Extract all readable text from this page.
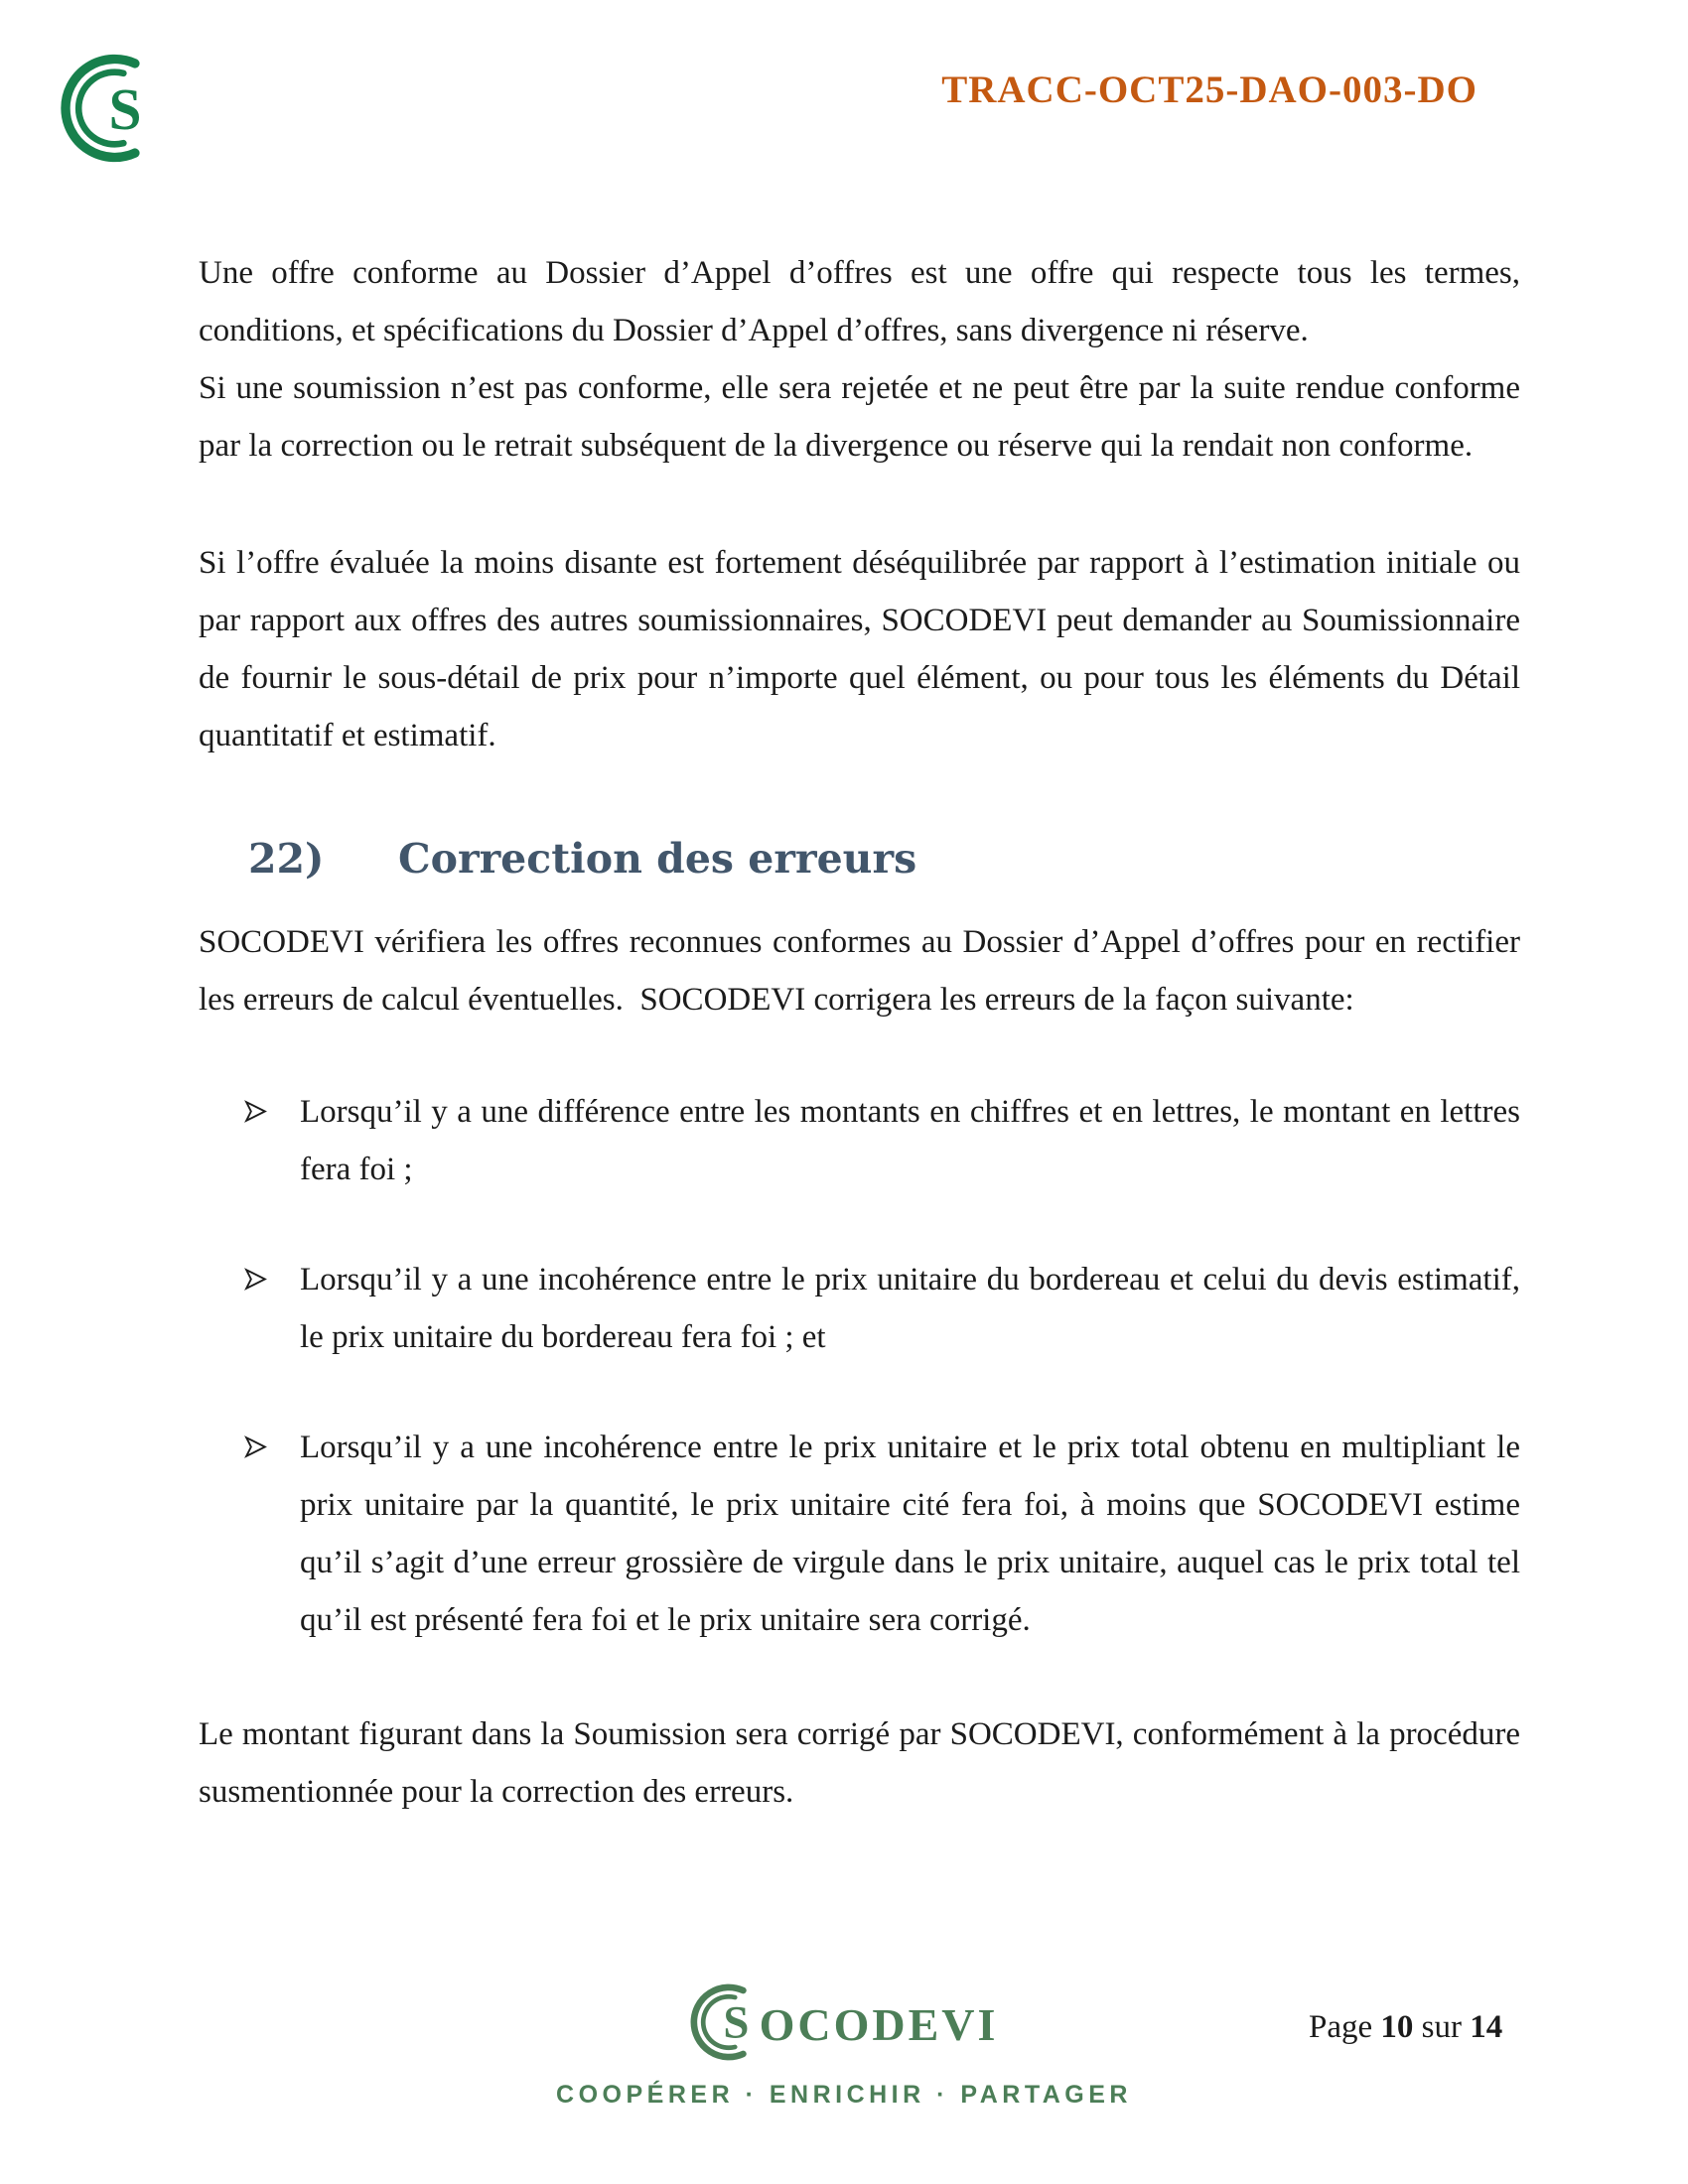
S	TRACC-OCT25-DAO-003-DO
Une offre conforme au Dossier d’Appel d’offres est une offre qui respecte tous les termes,
conditions, et spécifications du Dossier d’Appel d’offres, sans divergence ni réserve.
Si une soumission n’est pas conforme, elle sera rejetée et ne peut être par la suite rendue conforme
par la correction ou le retrait subséquent de la divergence ou réserve qui la rendait non conforme.
Si l’offre évaluée la moins disante est fortement déséquilibrée par rapport à l’estimation initiale ou
par rapport aux offres des autres soumissionnaires, SOCODEVI peut demander au Soumissionnaire
de fournir le sous-détail de prix pour n’importe quel élément, ou pour tous les éléments du Détail
quantitatif et estimatif.
22) Correction des erreurs
SOCODEVI vérifiera les offres reconnues conformes au Dossier d’Appel d’offres pour en rectifier
les erreurs de calcul éventuelles.  SOCODEVI corrigera les erreurs de la façon suivante:
Lorsqu’il y a une différence entre les montants en chiffres et en lettres, le montant en lettres
fera foi ;
Lorsqu’il y a une incohérence entre le prix unitaire du bordereau et celui du devis estimatif,
le prix unitaire du bordereau fera foi ; et
Lorsqu’il y a une incohérence entre le prix unitaire et le prix total obtenu en multipliant le
prix unitaire par la quantité, le prix unitaire cité fera foi, à moins que SOCODEVI estime
qu’il s’agit d’une erreur grossière de virgule dans le prix unitaire, auquel cas le prix total tel
qu’il est présenté fera foi et le prix unitaire sera corrigé.
Le montant figurant dans la Soumission sera corrigé par SOCODEVI, conformément à la procédure
susmentionnée pour la correction des erreurs.
S OCODEVI
COOPÉRER · ENRICHIR · PARTAGER
Page 10 sur 14
